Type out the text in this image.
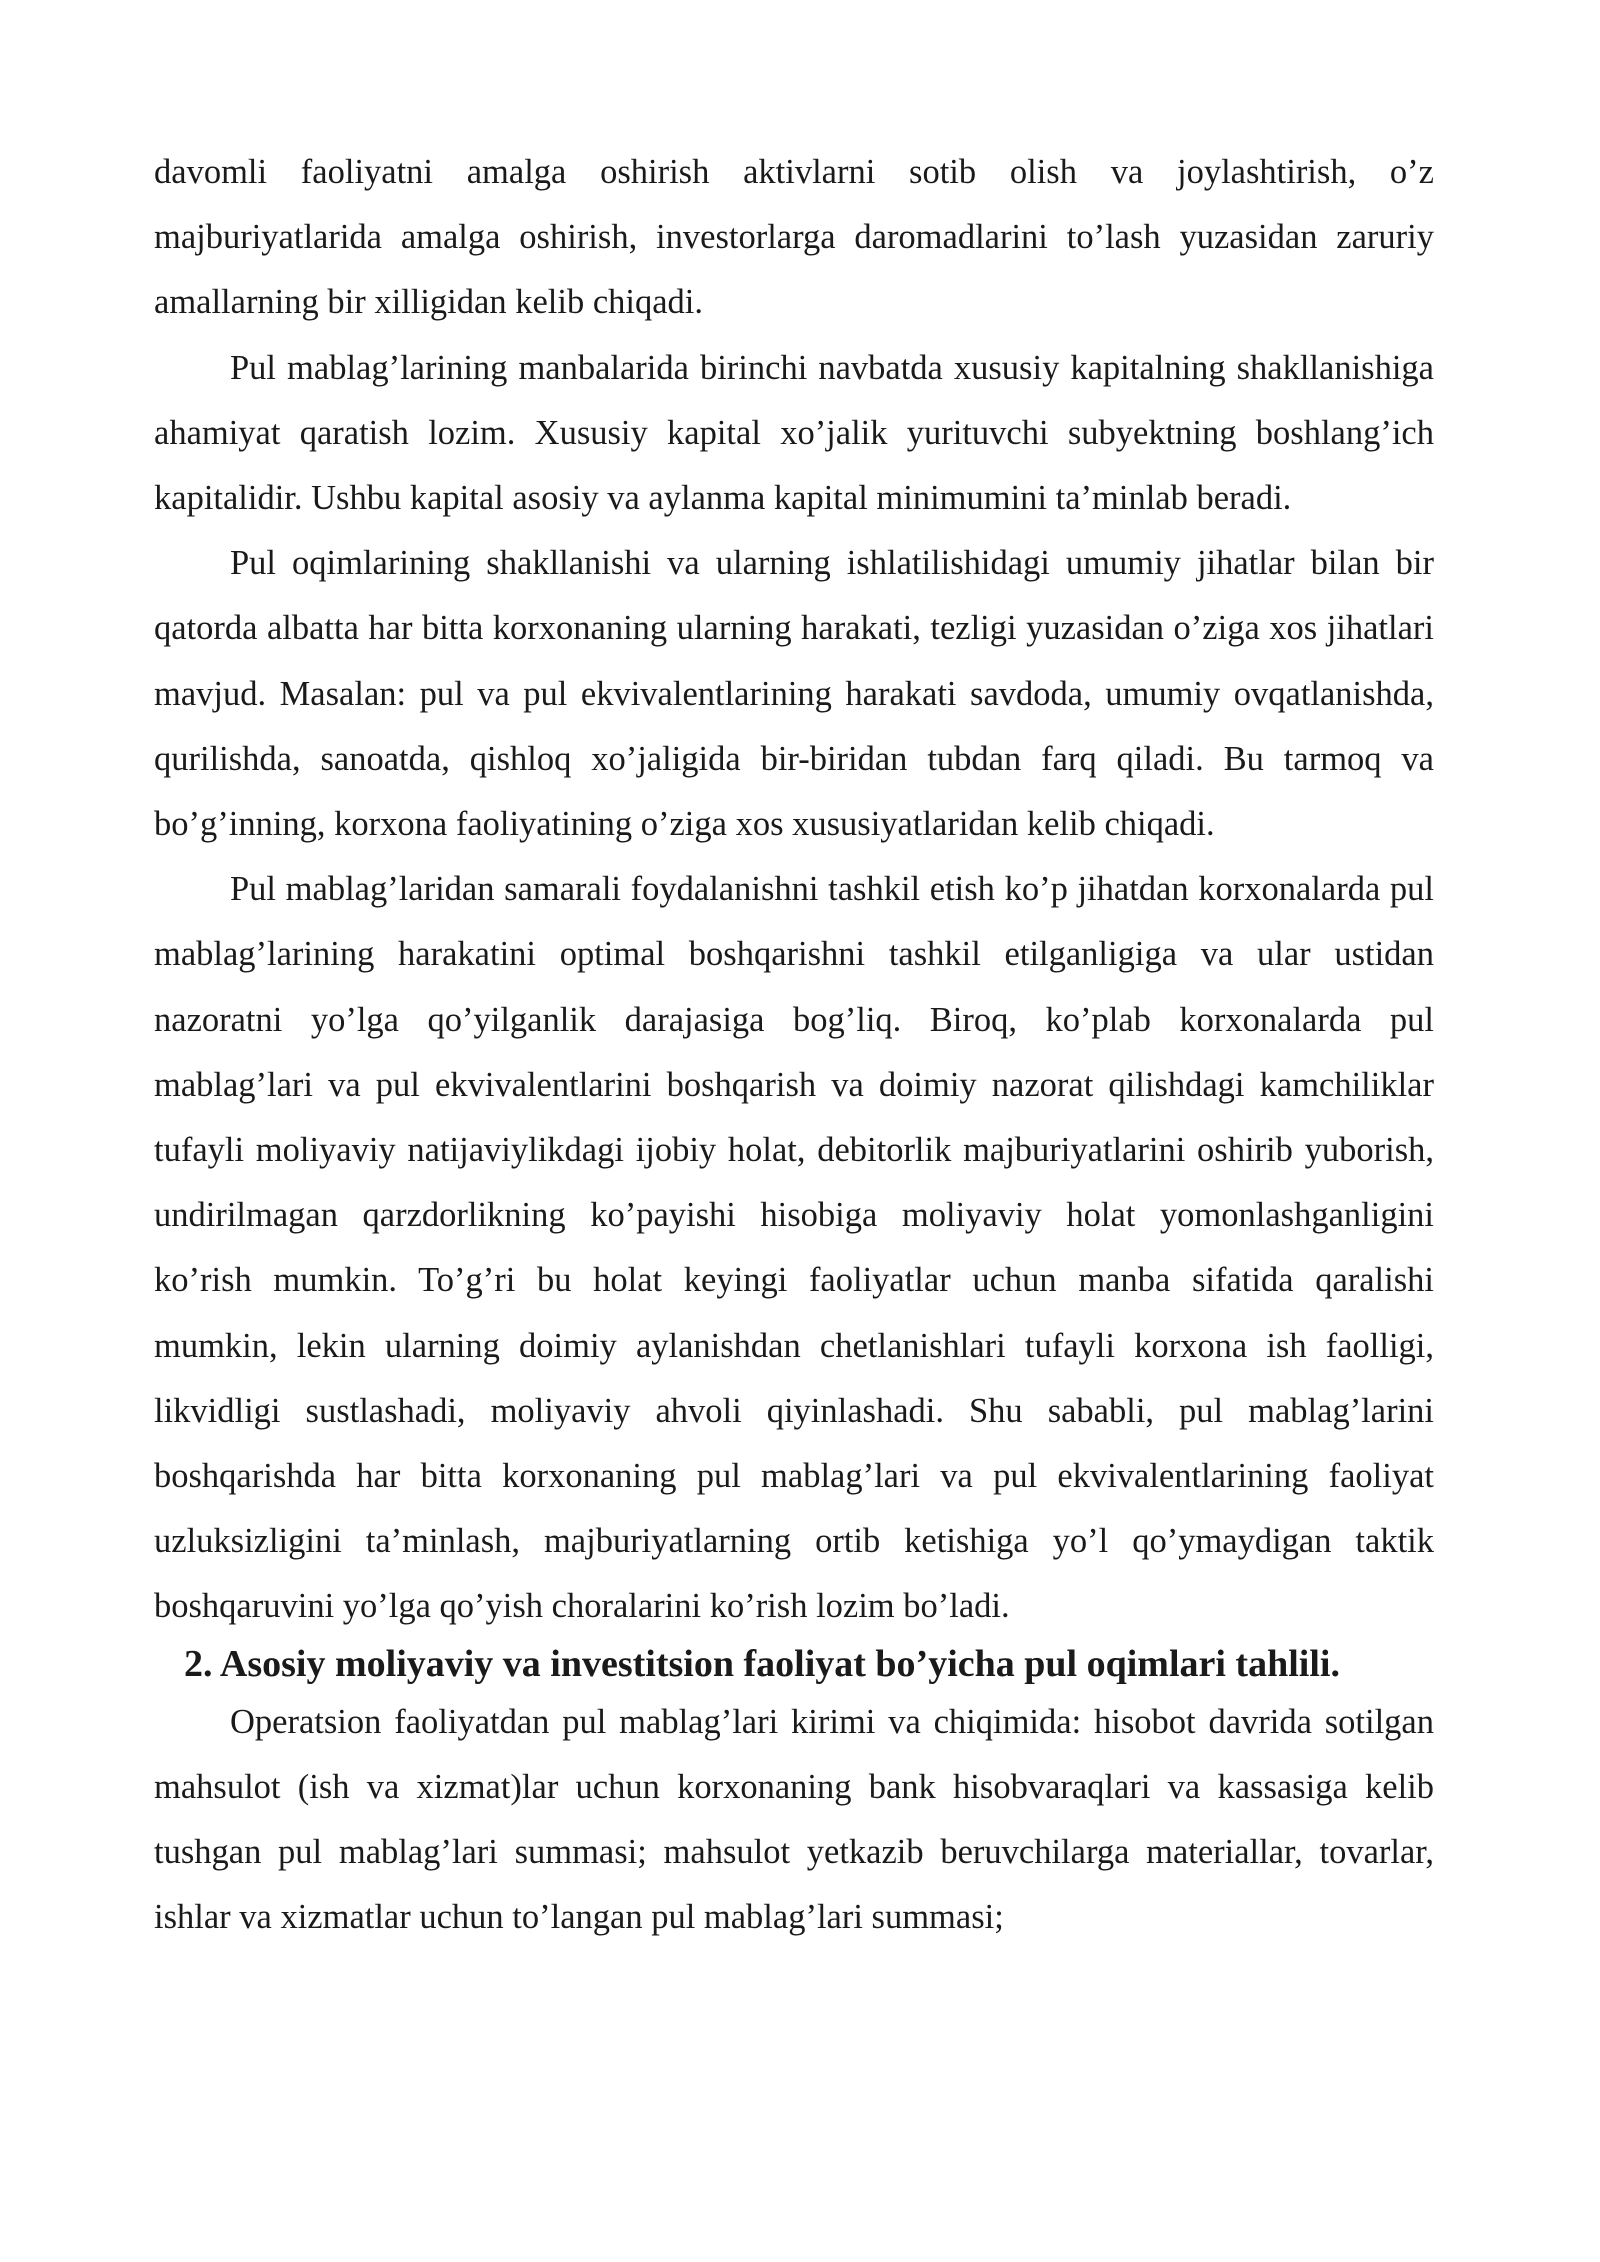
davomli faoliyatni amalga oshirish aktivlarni sotib olish va joylashtirish, o’z majburiyatlarida amalga oshirish, investorlarga daromadlarini to’lash yuzasidan zaruriy amallarning bir xilligidan kelib chiqadi.

Pul mablag’larining manbalarida birinchi navbatda xususiy kapitalning shakllanishiga ahamiyat qaratish lozim. Xususiy kapital xo’jalik yurituvchi subyektning boshlang’ich kapitalidir. Ushbu kapital asosiy va aylanma kapital minimumini ta’minlab beradi.

Pul oqimlarining shakllanishi va ularning ishlatilishidagi umumiy jihatlar bilan bir qatorda albatta har bitta korxonaning ularning harakati, tezligi yuzasidan o’ziga xos jihatlari mavjud. Masalan: pul va pul ekvivalentlarining harakati savdoda, umumiy ovqatlanishda, qurilishda, sanoatda, qishloq xo’jaligida bir-biridan tubdan farq qiladi. Bu tarmoq va bo’g’inning, korxona faoliyatining o’ziga xos xususiyatlaridan kelib chiqadi.

Pul mablag’laridan samarali foydalanishni tashkil etish ko’p jihatdan korxonalarda pul mablag’larining harakatini optimal boshqarishni tashkil etilganligiga va ular ustidan nazoratni yo’lga qo’yilganlik darajasiga bog’liq. Biroq, ko’plab korxonalarda pul mablag’lari va pul ekvivalentlarini boshqarish va doimiy nazorat qilishdagi kamchiliklar tufayli moliyaviy natijaviylikdagi ijobiy holat, debitorlik majburiyatlarini oshirib yuborish, undirilmagan qarzdorlikning ko’payishi hisobiga moliyaviy holat yomonlashganligini ko’rish mumkin. To’g’ri bu holat keyingi faoliyatlar uchun manba sifatida qaralishi mumkin, lekin ularning doimiy aylanishdan chetlanishlari tufayli korxona ish faolligi, likvidligi sustlashadi, moliyaviy ahvoli qiyinlashadi. Shu sababli, pul mablag’larini boshqarishda har bitta korxonaning pul mablag’lari va pul ekvivalentlarining faoliyat uzluksizligini ta’minlash, majburiyatlarning ortib ketishiga yo’l qo’ymaydigan taktik boshqaruvini yo’lga qo’yish choralarini ko’rish lozim bo’ladi.

2. Asosiy moliyaviy va investitsion faoliyat bo’yicha pul oqimlari tahlili.

Operatsion faoliyatdan pul mablag’lari kirimi va chiqimida: hisobot davrida sotilgan mahsulot (ish va xizmat)lar uchun korxonaning bank hisobvaraqlari va kassasiga kelib tushgan pul mablag’lari summasi; mahsulot yetkazib beruvchilarga materiallar, tovarlar, ishlar va xizmatlar uchun to’langan pul mablag’lari summasi;
